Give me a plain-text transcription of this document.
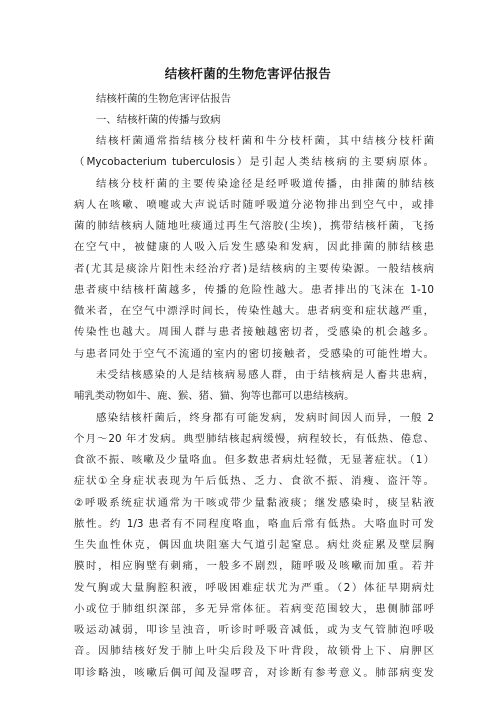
结核杆菌的生物危害评估报告
结核杆菌的生物危害评估报告
一、结核杆菌的传播与致病
结核杆菌通常指结核分枝杆菌和牛分枝杆菌，其中结核分枝杆菌
（Mycobacterium tuberculosis）是引起人类结核病的主要病原体。
结核分枝杆菌的主要传染途径是经呼吸道传播，由排菌的肺结核
病人在咳嗽、喷嚏或大声说话时随呼吸道分泌物排出到空气中，或排
菌的肺结核病人随地吐痰通过再生气溶胶(尘埃)，携带结核杆菌，飞扬
在空气中，被健康的人吸入后发生感染和发病，因此排菌的肺结核患
者(尤其是痰涂片阳性未经治疗者)是结核病的主要传染源。一般结核病
患者痰中结核杆菌越多，传播的危险性越大。患者排出的飞沫在 1-10
微米者，在空气中漂浮时间长，传染性越大。患者病变和症状越严重，
传染性也越大。周围人群与患者接触越密切者，受感染的机会越多。
与患者同处于空气不流通的室内的密切接触者，受感染的可能性增大。
未受结核感染的人是结核病易感人群，由于结核病是人畜共患病，
哺乳类动物如牛、鹿、猴、猪、猫、狗等也都可以患结核病。
感染结核杆菌后，终身都有可能发病，发病时间因人而异，一般 2
个月～20 年才发病。典型肺结核起病缓慢，病程较长，有低热、倦怠、
食欲不振、咳嗽及少量咯血。但多数患者病灶轻微，无显著症状。（1）
症状①全身症状表现为午后低热、乏力、食欲不振、消瘦、盗汗等。
②呼吸系统症状通常为干咳或带少量黏液痰；继发感染时，痰呈粘液
脓性。约 1/3 患者有不同程度咯血，咯血后常有低热。大咯血时可发
生失血性休克，偶因血块阻塞大气道引起窒息。病灶炎症累及壁层胸
膜时，相应胸壁有刺痛，一般多不剧烈，随呼吸及咳嗽而加重。若并
发气胸或大量胸腔积液，呼吸困难症状尤为严重。（2）体征早期病灶
小或位于肺组织深部，多无异常体征。若病变范围较大，患侧肺部呼
吸运动减弱，叩诊呈浊音，听诊时呼吸音减低，或为支气管肺泡呼吸
音。因肺结核好发于肺上叶尖后段及下叶背段，故锁骨上下、肩胛区
叩诊略浊，咳嗽后偶可闻及湿啰音，对诊断有参考意义。肺部病变发
